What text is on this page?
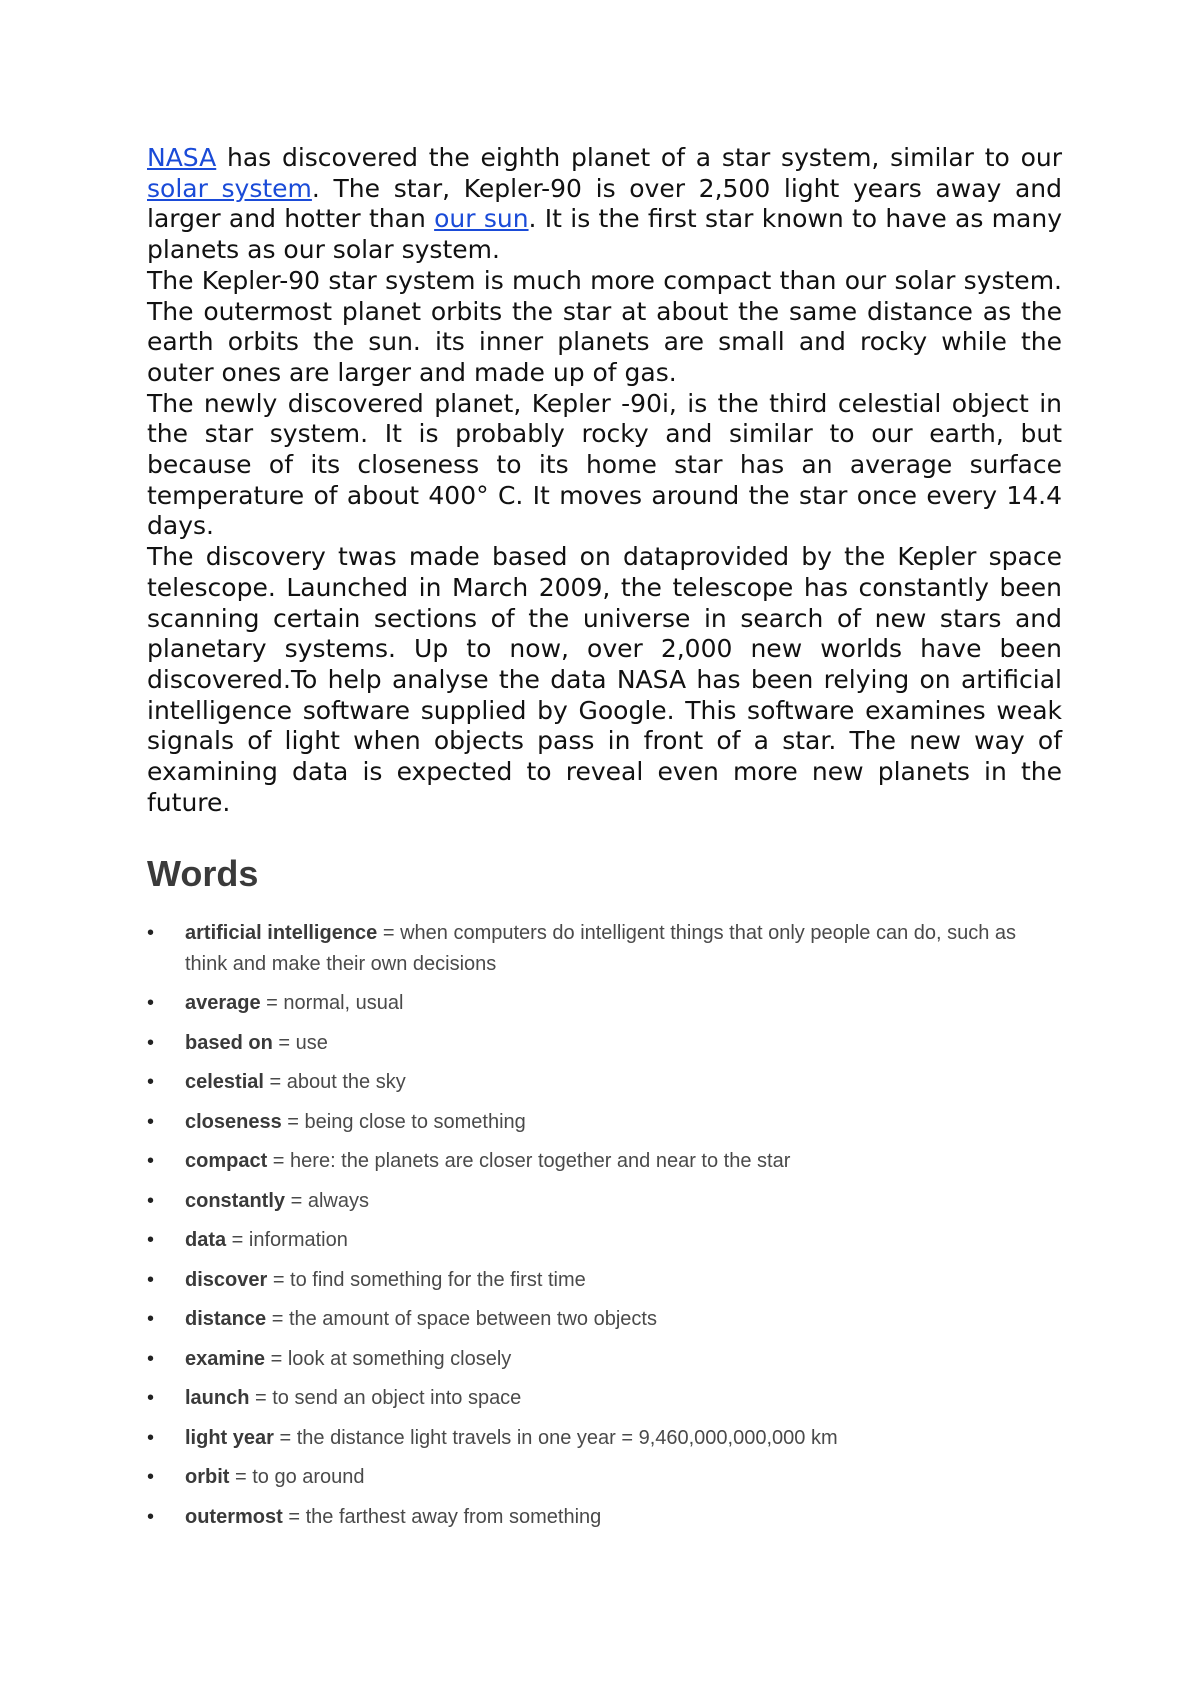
NASA has discovered the eighth planet of a star system, similar to our solar system. The star, Kepler-90 is over 2,500 light years away and larger and hotter than our sun. It is the first star known to have as many planets as our solar system.

The Kepler-90 star system is much more compact than our solar system. The outermost planet orbits the star at about the same distance as the earth orbits the sun. its inner planets are small and rocky while the outer ones are larger and made up of gas.

The newly discovered planet, Kepler -90i, is the third celestial object in the star system. It is probably rocky and similar to our earth, but because of its closeness to its home star has an average surface temperature of about 400° C. It moves around the star once every 14.4 days.

The discovery twas made based on dataprovided by the Kepler space telescope. Launched in March 2009, the telescope has constantly been scanning certain sections of the universe in search of new stars and planetary systems. Up to now, over 2,000 new worlds have been discovered.To help analyse the data NASA has been relying on artificial intelligence software supplied by Google. This software examines weak signals of light when objects pass in front of a star. The new way of examining data is expected to reveal even more new planets in the future.

Words
• artificial intelligence = when computers do intelligent things that only people can do, such as think and make their own decisions
• average = normal, usual
• based on = use
• celestial = about the sky
• closeness = being close to something
• compact = here: the planets are closer together and near to the star
• constantly = always
• data = information
• discover = to find something for the first time
• distance = the amount of space between two objects
• examine = look at something closely
• launch = to send an object into space
• light year = the distance light travels in one year = 9,460,000,000,000 km
• orbit = to go around
• outermost = the farthest away from something
